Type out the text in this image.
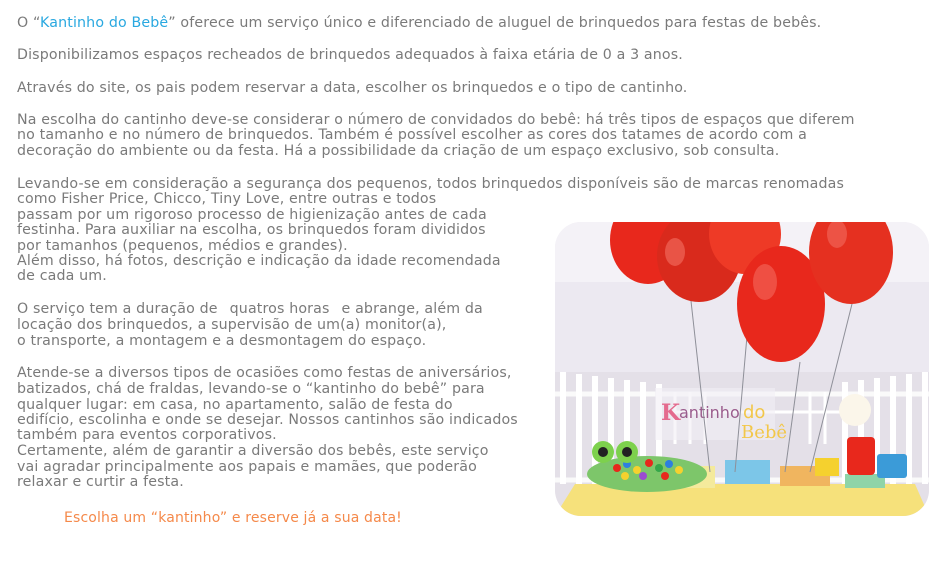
O “Kantinho do Bebê” oferece um serviço único e diferenciado de aluguel de brinquedos para festas de bebês.

Disponibilizamos espaços recheados de brinquedos adequados à faixa etária de 0 a 3 anos.

Através do site, os pais podem reservar a data, escolher os brinquedos e o tipo de cantinho.

Na escolha do cantinho deve-se considerar o número de convidados do bebê: há três tipos de espaços que diferem

no tamanho e no número de brinquedos. Também é possível escolher as cores dos tatames de acordo com a

decoração do ambiente ou da festa. Há a possibilidade da criação de um espaço exclusivo, sob consulta.

Levando-se em consideração a segurança dos pequenos, todos brinquedos disponíveis são de marcas renomadas

como Fisher Price, Chicco, Tiny Love, entre outras e todos

passam por um rigoroso processo de higienização antes de cada

festinha. Para auxiliar na escolha, os brinquedos foram divididos

por tamanhos (pequenos, médios e grandes).

Além disso, há fotos, descrição e indicação da idade recomendada

de cada um.

O serviço tem a duração de quatros horas e abrange, além da

locação dos brinquedos, a supervisão de um(a) monitor(a),

o transporte, a montagem e a desmontagem do espaço.

Atende-se a diversos tipos de ocasiões como festas de aniversários,

batizados, chá de fraldas, levando-se o “kantinho do bebê” para

qualquer lugar: em casa, no apartamento, salão de festa do

edifício, escolinha e onde se desejar. Nossos cantinhos são indicados

também para eventos corporativos.

Certamente, além de garantir a diversão dos bebês, este serviço

vai agradar principalmente aos papais e mamães, que poderão

relaxar e curtir a festa.

Escolha um “kantinho” e reserve já a sua data!

K
antinho do
Bebê
